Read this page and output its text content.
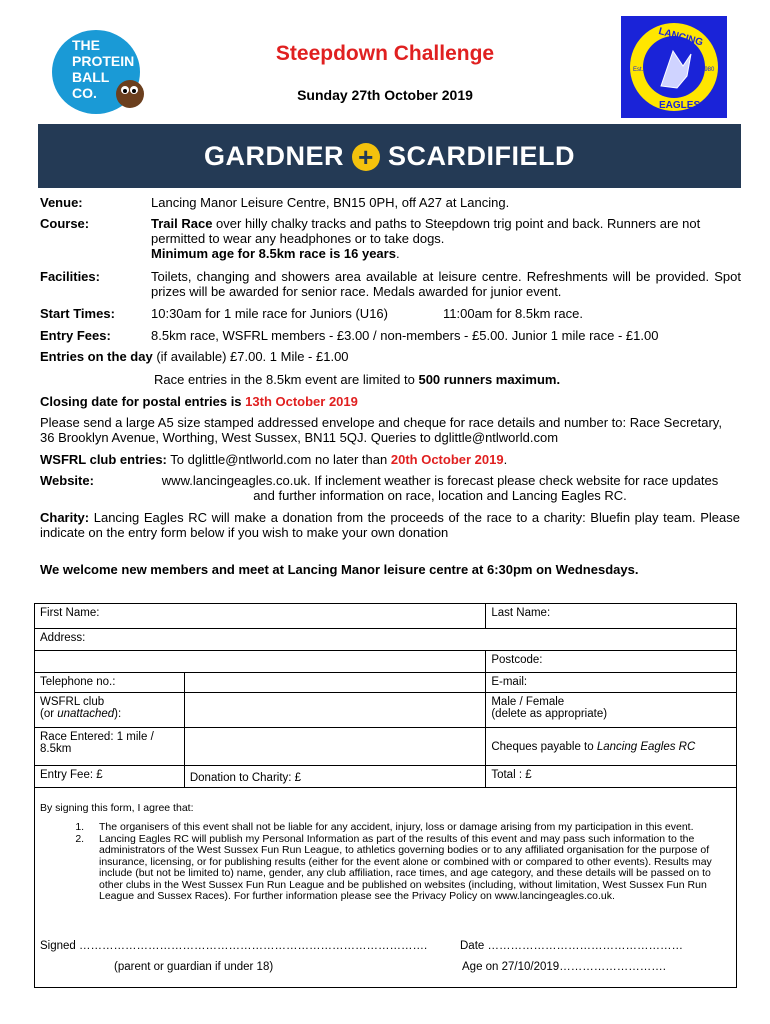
THE
PROTEIN
BALL
CO.
Steepdown Challenge
Sunday 27th October 2019
LANCING
EAGLES
Est.	1980
GARDNER + SCARDIFIELD
Venue:	Lancing Manor Leisure Centre, BN15 0PH, off A27 at Lancing.
Course:	Trail Race over hilly chalky tracks and paths to Steepdown trig point and back. Runners are not permitted to wear any headphones or to take dogs.
Minimum age for 8.5km race is 16 years.
Facilities:	Toilets, changing and showers area available at leisure centre. Refreshments will be provided. Spot prizes will be awarded for senior race. Medals awarded for junior event.
Start Times:	10:30am for 1 mile race for Juniors (U16)	11:00am for 8.5km race.
Entry Fees:	8.5km race, WSFRL members - £3.00 / non-members - £5.00. Junior 1 mile race - £1.00
Entries on the day (if available) £7.00. 1 Mile - £1.00
Race entries in the 8.5km event are limited to 500 runners maximum.
Closing date for postal entries is 13th October 2019
Please send a large A5 size stamped addressed envelope and cheque for race details and number to: Race Secretary, 36 Brooklyn Avenue, Worthing, West Sussex, BN11 5QJ. Queries to dglittle@ntlworld.com
WSFRL club entries: To dglittle@ntlworld.com no later than 20th October 2019.
Website:	www.lancingeagles.co.uk. If inclement weather is forecast please check website for race updates and further information on race, location and Lancing Eagles RC.
Charity: Lancing Eagles RC will make a donation from the proceeds of the race to a charity: Bluefin play team. Please indicate on the entry form below if you wish to make your own donation
We welcome new members and meet at Lancing Manor leisure centre at 6:30pm on Wednesdays.
First Name:		Last Name:
Address:		
		Postcode:
Telephone no.:		E-mail:
WSFRL club
(or unattached):		Male / Female
(delete as appropriate)
Race Entered: 1 mile / 8.5km		Cheques payable to Lancing Eagles RC
Entry Fee: £	Donation to Charity: £	Total : £
By signing this form, I agree that:
1. The organisers of this event shall not be liable for any accident, injury, loss or damage arising from my participation in this event.
2. Lancing Eagles RC will publish my Personal Information as part of the results of this event and may pass such information to the administrators of the West Sussex Fun Run League, to athletics governing bodies or to any affiliated organisation for the purpose of insurance, licensing, or for publishing results (either for the event alone or combined with or compared to other events). Results may include (but not be limited to) name, gender, any club affiliation, race times, and age category, and these details will be passed on to other clubs in the West Sussex Fun Run League and be published on websites (including, without limitation, West Sussex Fun Run League and Sussex Races). For further information please see the Privacy Policy on www.lancingeagles.co.uk.
Signed ……………………………………………………………………………….	Date ……………………………………………
(parent or guardian if under 18)	Age on 27/10/2019……………………….
